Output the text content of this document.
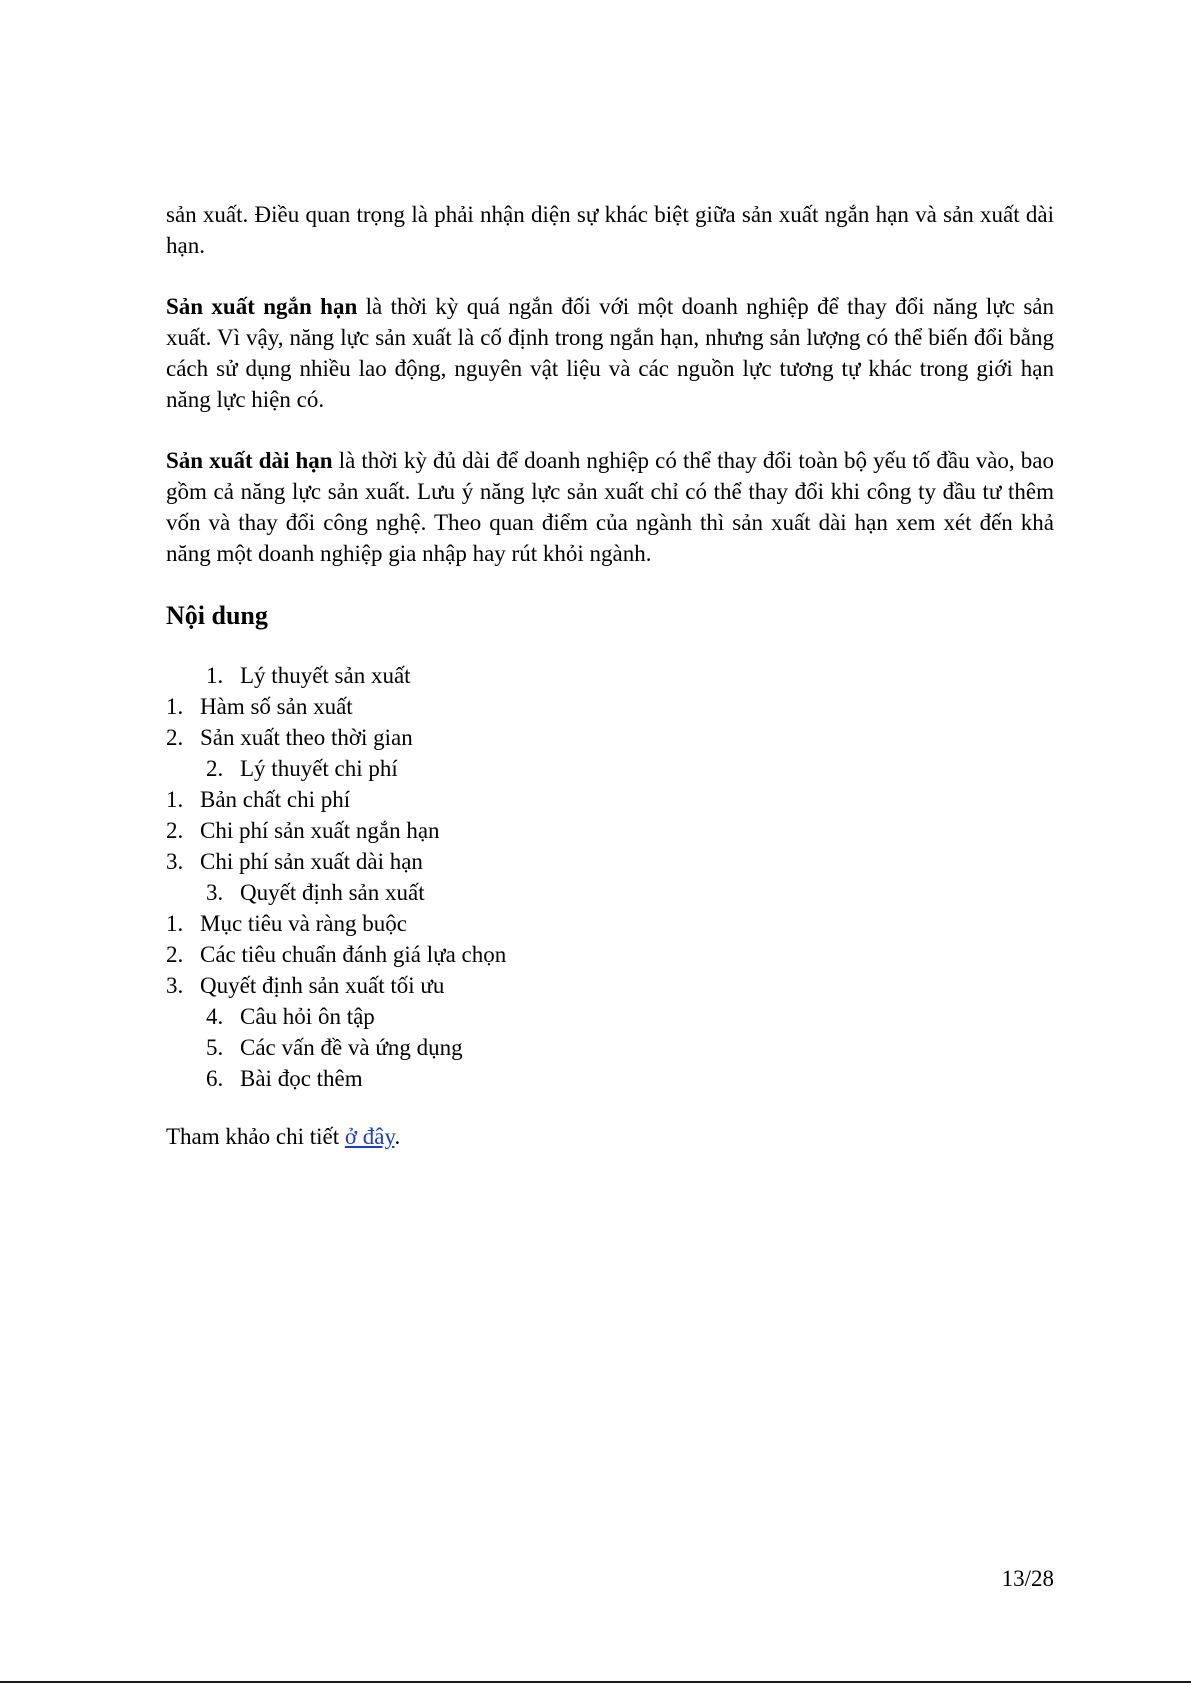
sản xuất. Điều quan trọng là phải nhận diện sự khác biệt giữa sản xuất ngắn hạn và sản xuất dài hạn.

Sản xuất ngắn hạn là thời kỳ quá ngắn đối với một doanh nghiệp để thay đổi năng lực sản xuất. Vì vậy, năng lực sản xuất là cố định trong ngắn hạn, nhưng sản lượng có thể biến đổi bằng cách sử dụng nhiều lao động, nguyên vật liệu và các nguồn lực tương tự khác trong giới hạn năng lực hiện có.

Sản xuất dài hạn là thời kỳ đủ dài để doanh nghiệp có thể thay đổi toàn bộ yếu tố đầu vào, bao gồm cả năng lực sản xuất. Lưu ý năng lực sản xuất chỉ có thể thay đổi khi công ty đầu tư thêm vốn và thay đổi công nghệ. Theo quan điểm của ngành thì sản xuất dài hạn xem xét đến khả năng một doanh nghiệp gia nhập hay rút khỏi ngành.

Nội dung
1. Lý thuyết sản xuất
1. Hàm số sản xuất
2. Sản xuất theo thời gian
2. Lý thuyết chi phí
1. Bản chất chi phí
2. Chi phí sản xuất ngắn hạn
3. Chi phí sản xuất dài hạn
3. Quyết định sản xuất
1. Mục tiêu và ràng buộc
2. Các tiêu chuẩn đánh giá lựa chọn
3. Quyết định sản xuất tối ưu
4. Câu hỏi ôn tập
5. Các vấn đề và ứng dụng
6. Bài đọc thêm

Tham khảo chi tiết ở đây.

13/28
